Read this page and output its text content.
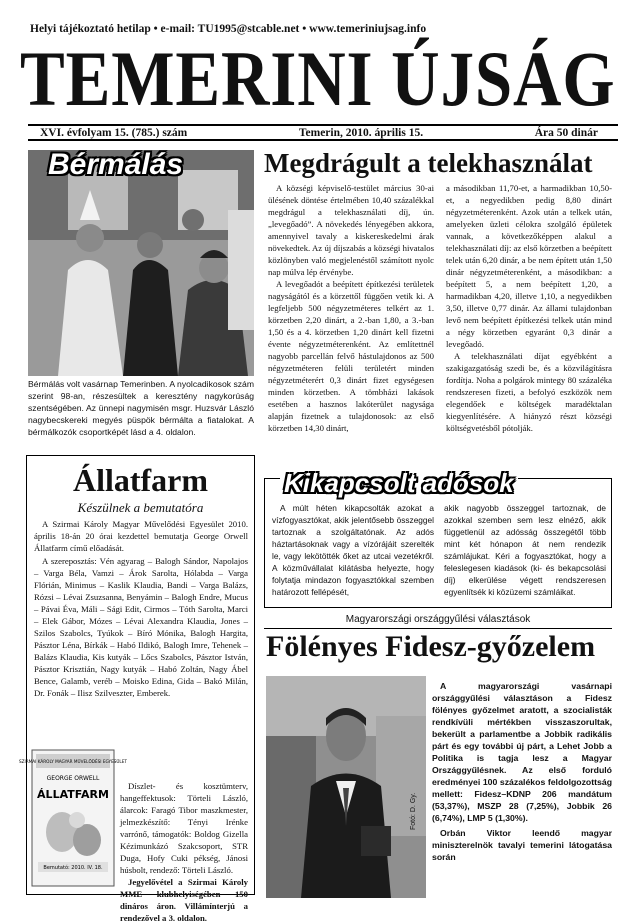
Helyi tájékoztató hetilap • e-mail: TU1995@stcable.net • www.temeriniujsag.info
TEMERINI ÚJSÁG
XVI. évfolyam 15. (785.) szám	Temerin, 2010. április 15.	Ára 50 dinár
Bérmálás
Bérmálás volt vasárnap Temerinben. A nyolcadikosok szám szerint 98-an, részesültek a keresztény nagykorúság szentségében. Az ünnepi nagymisén msgr. Huzsvár László nagybecskereki megyés püspök bérmálta a fiatalokat. A bérmálkozók csoportképét lásd a 4. oldalon.
Állatfarm
Készülnek a bemutatóra

A Szirmai Károly Magyar Művelődési Egyesület 2010. április 18-án 20 órai kezdettel bemutatja George Orwell Állatfarm című előadását.

A szereposztás: Vén agyarag – Balogh Sándor, Napolajos – Varga Béla, Vamzi – Árok Sarolta, Hólabda – Varga Flórián, Minimus – Kaslik Klaudia, Bandi – Varga Balázs, Rózsi – Lévai Zsuzsanna, Benyámin – Balogh Endre, Mucus – Pávai Éva, Máli – Sági Edit, Cirmos – Tóth Sarolta, Marci – Elek Gábor, Mózes – Lévai Alexandra Klaudia, Jones – Szilos Szabolcs, Tyúkok – Bíró Mónika, Balogh Hargita, Pásztor Léna, Bírkák – Habó Ildikó, Balogh Imre, Tehenek – Balázs Klaudia, Kis kutyák – Lőcs Szabolcs, Pásztor István, Pásztor Krisztián, Nagy kutyák – Habó Zoltán, Nagy Ábel Bence, Galamb, veréb – Moisko Edina, Gida – Bakó Milán, Dr. Fonák – Ilisz Szilveszter, Emberek.

Díszlet- és kosztümterv, hangeffektusok: Törteli László, álarcok: Faragó Tibor maszkmester, jelmezkészítő: Tényi Irénke varrónő, támogatók: Boldog Gizella Kézimunkázó Szakcsoport, STR Duga, Hofy Cuki pékség, Jánosi húsbolt, rendező: Törteli László.

Jegyelővétel a Szirmai Károly MME klubhelyiségében 150 dináros áron. Villámínterjú a rendezővel a 3. oldalon.

SZIRMAI KÁROLY MAGYAR MŰVELŐDÉSI EGYESÜLET
GEORGE ORWELL
ÁLLATFARM
Bemutató: 2010. IV. 18.
Megdrágult a telekhasználat

A községi képviselő-testület március 30-ai ülésének döntése értelmében 10,40 százalékkal megdrágul a telekhasználati díj, ún. „levegőadó”. A növekedés lényegében akkora, amennyivel tavaly a kiskereskedelmi árak növekedtek. Az új díjszabás a községi hivatalos közlönyben való megjelenéstől számított nyolc nap múlva lép érvénybe.

A levegőadót a beépített építkezési területek nagyságától és a körzettől függően vetik ki. A legfeljebb 500 négyzetméteres telkért az 1. körzetben 2,20 dinárt, a 2.-ban 1,80, a 3.-ban 1,50 és a 4. körzetben 1,20 dinárt kell fizetni évente négyzetméterenként. Az említettnél nagyobb parcellán felvő hástulajdonos az 500 négyzetméteren felüli területért minden négyzetméterért 0,3 dinárt fizet egységesen minden körzetben. A tömbházi lakások esetében a hasznos lakóterület nagysága alapján fizetnek a tulajdonosok: az első körzetben 14,30 dinárt,

a másodikban 11,70-et, a harmadikban 10,50-et, a negyedikben pedig 8,80 dinárt négyzetméterenként. Azok után a telkek után, amelyeken üzleti célokra szolgáló épületek vannak, a következőképpen alakul a telekhasználati díj: az első körzetben a beépített telek után 6,20 dinár, a be nem épített után 1,50 dinár négyzetméterenként, a másodikban: a beépített 5, a nem beépített 1,20, a harmadikban 4,20, illetve 1,10, a negyedikben 3,50, illetve 0,77 dinár. Az állami tulajdonban levő nem beépített építkezési telkek után mind a négy körzetben egyaránt 0,3 dinár a levegőadó.

A telekhasználati díjat egyébként a szakigazgatóság szedi be, és a közvilágításra fordítja. Noha a polgárok mintegy 80 százaléka rendszeresen fizeti, a befolyó eszközök nem elegendőek e költségek maradéktalan kiegyenlítésére. A hiányzó részt községi költségvetésből pótolják.

Kikapcsolt adósok

A múlt héten kikapcsolták azokat a vízfogyasztókat, akik jelentősebb összeggel tartoznak a szolgáltatónak. Az adós háztartásoknak vagy a vízórájáit szerelték le, vagy lekötötték őket az utcai vezetékről. A közművállalat kilátásba helyezte, hogy folytatja mindazon fogyasztókkal szemben határozott fellépését,

akik nagyobb összeggel tartoznak, de azokkal szemben sem lesz elnéző, akik függetlenül az adósság összegétől több mint két hónapon át nem rendezik számlájukat. Kéri a fogyasztókat, hogy a feleslegesen kiadások (ki- és bekapcsolási díj) elkerülése végett rendszeresen egyenlítsék ki közüzemi számláikat.

Magyarországi országgyűlési választások
Fölényes Fidesz-győzelem
Fotó: D. Gy.

A magyarországi vasárnapi országgyűlési választáson a Fidesz fölényes győzelmet aratott, a szocialisták rendkívüli mértékben visszaszorultak, bekerült a parlamentbe a Jobbik radikális párt és egy további új párt, a Lehet Jobb a Politika is tagja lesz a Magyar Országgyűlésnek. Az első forduló eredményei 100 százalékos feldolgozottság mellett: Fidesz–KDNP 206 mandátum (53,37%), MSZP 28 (7,25%), Jobbik 26 (6,74%), LMP 5 (1,30%).

Orbán Viktor leendő magyar miniszterelnök tavalyi temerini látogatása során
